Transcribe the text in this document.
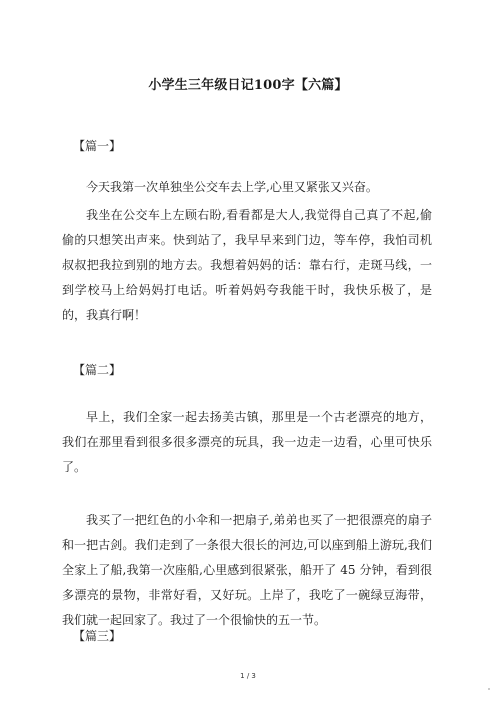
小学生三年级日记100字【六篇】
【篇一】

今天我第一次单独坐公交车去上学,心里又紧张又兴奋。

我坐在公交车上左顾右盼,看看都是大人,我觉得自己真了不起,偷偷的只想笑出声来。快到站了，我早早来到门边，等车停，我怕司机叔叔把我拉到别的地方去。我想着妈妈的话：靠右行，走斑马线，一到学校马上给妈妈打电话。听着妈妈夸我能干时，我快乐极了，是的，我真行啊！

【篇二】

早上，我们全家一起去扬美古镇，那里是一个古老漂亮的地方，我们在那里看到很多很多漂亮的玩具，我一边走一边看，心里可快乐了。

我买了一把红色的小伞和一把扇子,弟弟也买了一把很漂亮的扇子和一把古剑。我们走到了一条很大很长的河边,可以座到船上游玩,我们全家上了船,我第一次座船,心里感到很紧张，船开了 45 分钟，看到很多漂亮的景物，非常好看，又好玩。上岸了，我吃了一碗绿豆海带，我们就一起回家了。我过了一个很愉快的五一节。

【篇三】
1 / 3
